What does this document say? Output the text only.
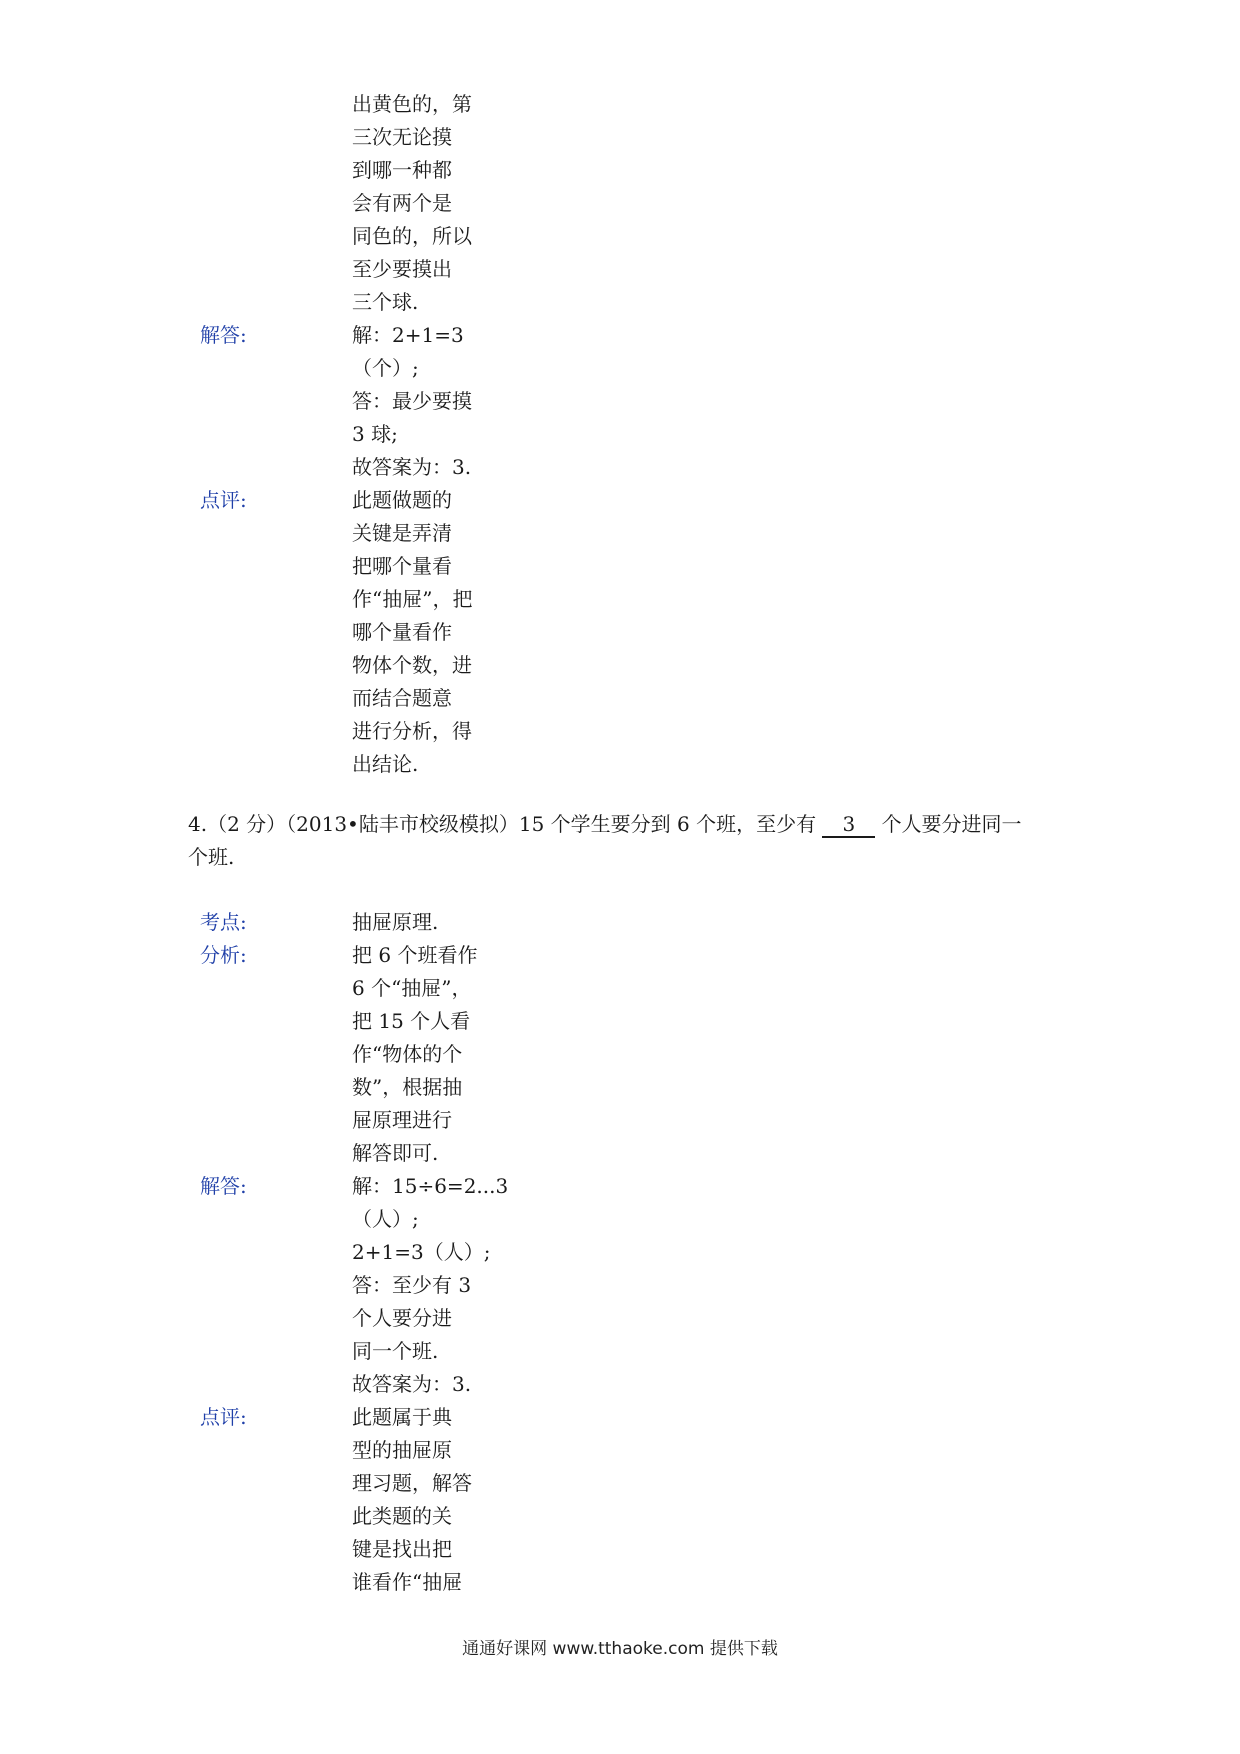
出黄色的，第
三次无论摸
到哪一种都
会有两个是
同色的，所以
至少要摸出
三个球.
解答:	解：2+1=3
（个）;
答：最少要摸
3 球;
故答案为：3.
点评:	此题做题的
关键是弄清
把哪个量看
作“抽屉”，把
哪个量看作
物体个数，进
而结合题意
进行分析，得
出结论.
4.（2 分）（2013•陆丰市校级模拟）15 个学生要分到 6 个班，至少有 3 个人要分进同一
个班.
考点:	抽屉原理.
分析:	把 6 个班看作
6 个“抽屉”，
把 15 个人看
作“物体的个
数”，根据抽
屉原理进行
解答即可.
解答:	解：15÷6=2...3
（人）;
2+1=3（人）;
答：至少有 3
个人要分进
同一个班.
故答案为：3.
点评:	此题属于典
型的抽屉原
理习题，解答
此类题的关
键是找出把
谁看作“抽屉
通通好课网 www.tthaoke.com 提供下载
